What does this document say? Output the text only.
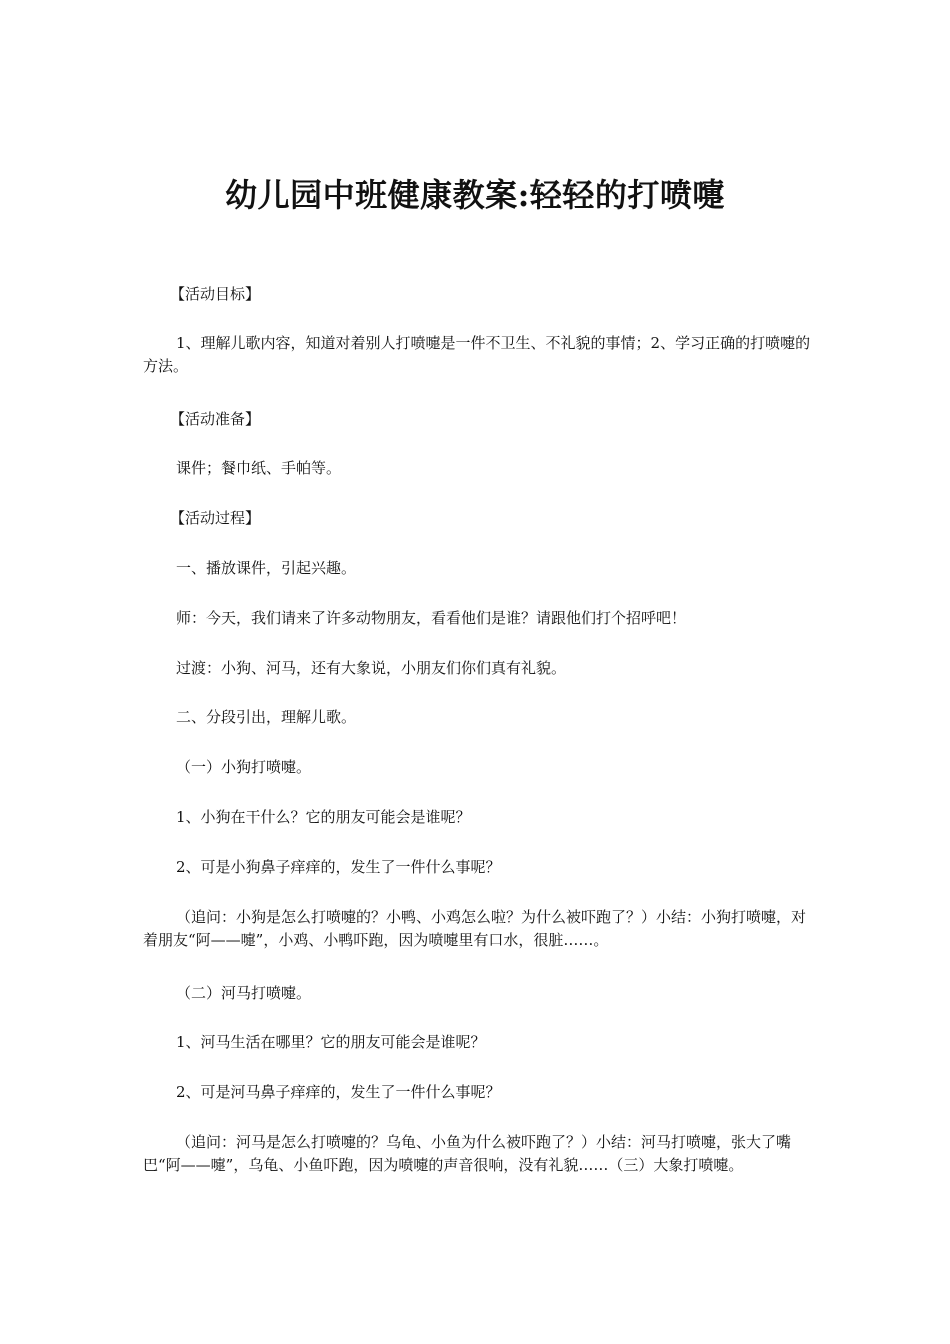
幼儿园中班健康教案:轻轻的打喷嚏

【活动目标】

1、理解儿歌内容，知道对着别人打喷嚏是一件不卫生、不礼貌的事情；2、学习正确的打喷嚏的方法。

【活动准备】

课件；餐巾纸、手帕等。

【活动过程】

一、播放课件，引起兴趣。

师：今天，我们请来了许多动物朋友，看看他们是谁？请跟他们打个招呼吧！

过渡：小狗、河马，还有大象说，小朋友们你们真有礼貌。

二、分段引出，理解儿歌。

（一）小狗打喷嚏。

1、小狗在干什么？它的朋友可能会是谁呢？

2、可是小狗鼻子痒痒的，发生了一件什么事呢？

（追问：小狗是怎么打喷嚏的？小鸭、小鸡怎么啦？为什么被吓跑了？）小结：小狗打喷嚏，对着朋友“阿——嚏”，小鸡、小鸭吓跑，因为喷嚏里有口水，很脏……。

（二）河马打喷嚏。

1、河马生活在哪里？它的朋友可能会是谁呢？

2、可是河马鼻子痒痒的，发生了一件什么事呢？

（追问：河马是怎么打喷嚏的？乌龟、小鱼为什么被吓跑了？）小结：河马打喷嚏，张大了嘴巴“阿——嚏”，乌龟、小鱼吓跑，因为喷嚏的声音很响，没有礼貌……（三）大象打喷嚏。
